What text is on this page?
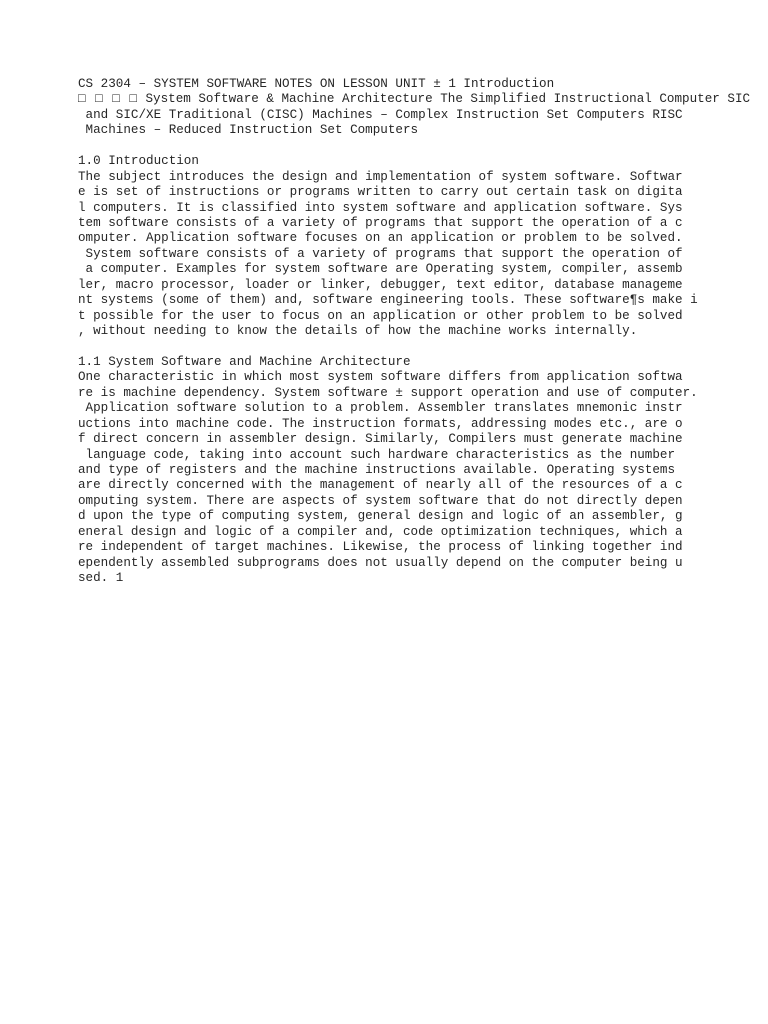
CS 2304 – SYSTEM SOFTWARE NOTES ON LESSON UNIT ± 1 Introduction
□ □ □ □ System Software & Machine Architecture The Simplified Instructional Computer SIC
and SIC/XE Traditional (CISC) Machines – Complex Instruction Set Computers RISC
Machines – Reduced Instruction Set Computers
1.0 Introduction
The subject introduces the design and implementation of system software. Softwar
e is set of instructions or programs written to carry out certain task on digita
l computers. It is classified into system software and application software. Sys
tem software consists of a variety of programs that support the operation of a c
omputer. Application software focuses on an application or problem to be solved.
System software consists of a variety of programs that support the operation of
a computer. Examples for system software are Operating system, compiler, assemb
ler, macro processor, loader or linker, debugger, text editor, database manageme
nt systems (some of them) and, software engineering tools. These software¶s make i
t possible for the user to focus on an application or other problem to be solved
, without needing to know the details of how the machine works internally.
1.1 System Software and Machine Architecture
One characteristic in which most system software differs from application softwa
re is machine dependency. System software ± support operation and use of computer.
Application software solution to a problem. Assembler translates mnemonic instr
uctions into machine code. The instruction formats, addressing modes etc., are o
f direct concern in assembler design. Similarly, Compilers must generate machine
language code, taking into account such hardware characteristics as the number
and type of registers and the machine instructions available. Operating systems
are directly concerned with the management of nearly all of the resources of a c
omputing system. There are aspects of system software that do not directly depen
d upon the type of computing system, general design and logic of an assembler, g
eneral design and logic of a compiler and, code optimization techniques, which a
re independent of target machines. Likewise, the process of linking together ind
ependently assembled subprograms does not usually depend on the computer being u
sed. 1
